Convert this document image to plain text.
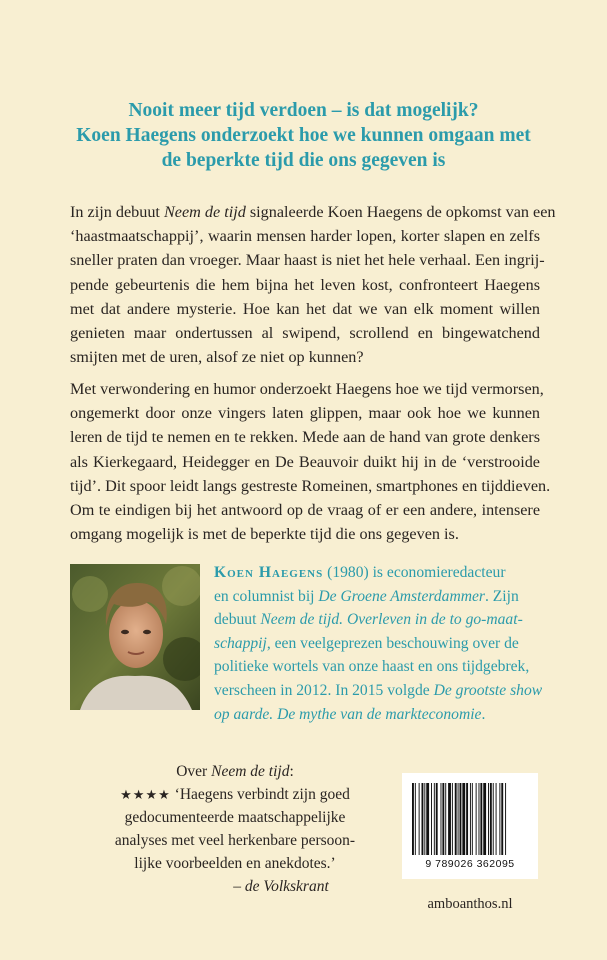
Nooit meer tijd verdoen – is dat mogelijk?
Koen Haegens onderzoekt hoe we kunnen omgaan met
de beperkte tijd die ons gegeven is
In zijn debuut Neem de tijd signaleerde Koen Haegens de opkomst van een
‘haastmaatschappij’, waarin mensen harder lopen, korter slapen en zelfs
sneller praten dan vroeger. Maar haast is niet het hele verhaal. Een ingrij-
pende gebeurtenis die hem bijna het leven kost, confronteert Haegens
met dat andere mysterie. Hoe kan het dat we van elk moment willen
genieten maar ondertussen al swipend, scrollend en bingewatchend
smijten met de uren, alsof ze niet op kunnen?
Met verwondering en humor onderzoekt Haegens hoe we tijd vermorsen,
ongemerkt door onze vingers laten glippen, maar ook hoe we kunnen
leren de tijd te nemen en te rekken. Mede aan de hand van grote denkers
als Kierkegaard, Heidegger en De Beauvoir duikt hij in de ‘verstrooide
tijd’. Dit spoor leidt langs gestreste Romeinen, smartphones en tijddieven.
Om te eindigen bij het antwoord op de vraag of er een andere, intensere
omgang mogelijk is met de beperkte tijd die ons gegeven is.
Koen Haegens (1980) is economieredacteur
en columnist bij De Groene Amsterdammer. Zijn
debuut Neem de tijd. Overleven in de to go-maat-
schappij, een veelgeprezen beschouwing over de
politieke wortels van onze haast en ons tijdgebrek,
verscheen in 2012. In 2015 volgde De grootste show
op aarde. De mythe van de markteconomie.
Over Neem de tijd:
★★★★ ‘Haegens verbindt zijn goed
gedocumenteerde maatschappelijke
analyses met veel herkenbare persoon-
lijke voorbeelden en anekdotes.’
– de Volkskrant
9 789026 362095
amboanthos.nl
